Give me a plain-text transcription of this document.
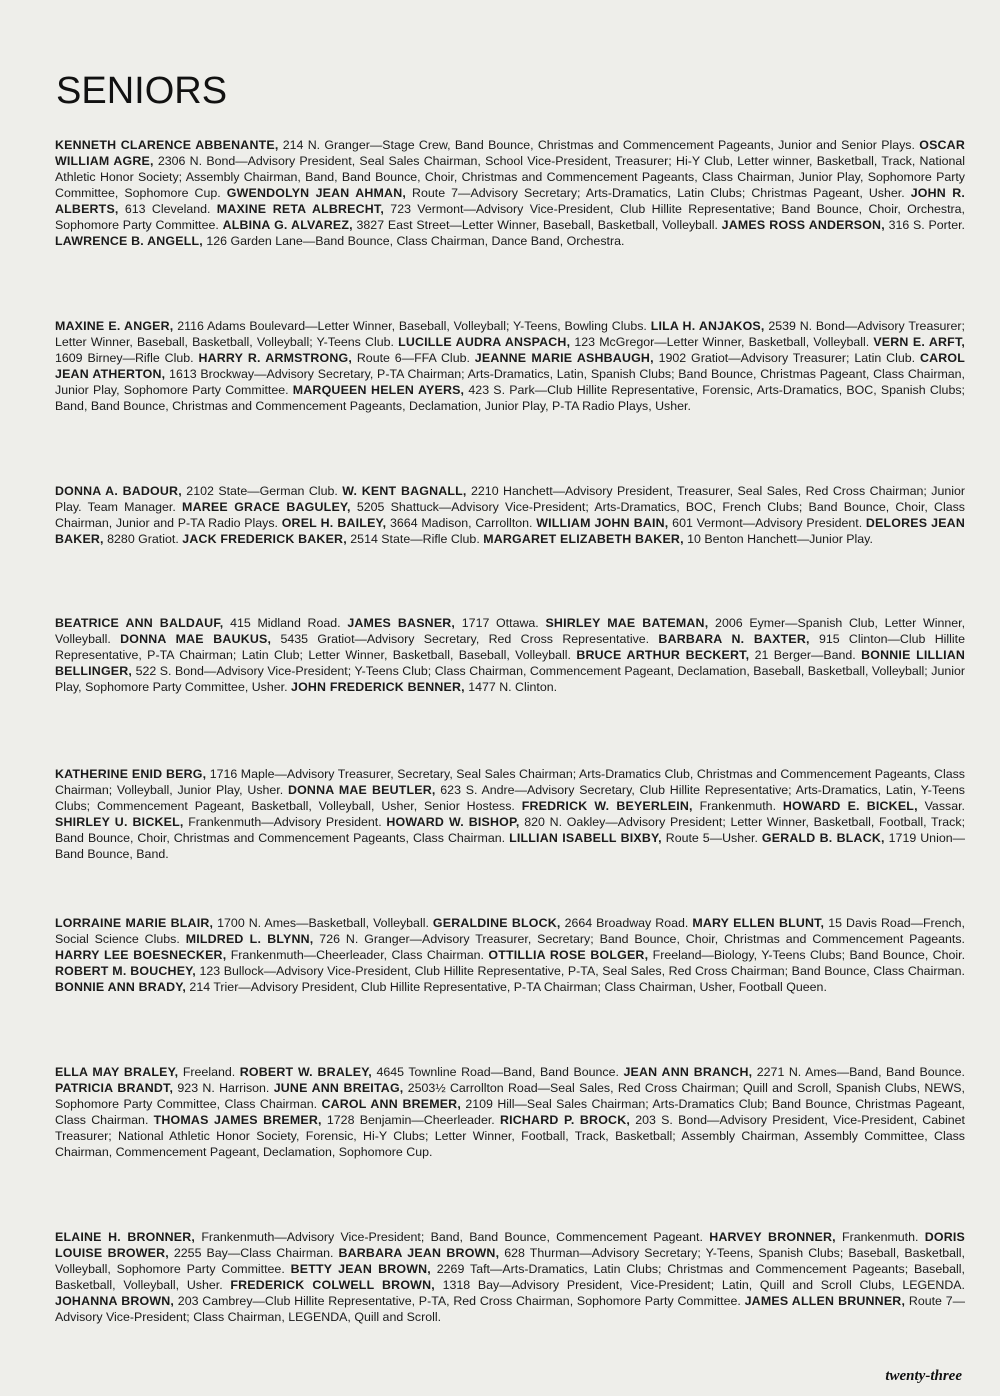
SENIORS
KENNETH CLARENCE ABBENANTE, 214 N. Granger—Stage Crew, Band Bounce, Christmas and Commencement Pageants, Junior and Senior Plays. OSCAR WILLIAM AGRE, 2306 N. Bond—Advisory President, Seal Sales Chairman, School Vice-President, Treasurer; Hi-Y Club, Letter winner, Basketball, Track, National Athletic Honor Society; Assembly Chairman, Band, Band Bounce, Choir, Christmas and Commencement Pageants, Class Chairman, Junior Play, Sophomore Party Committee, Sophomore Cup. GWENDOLYN JEAN AHMAN, Route 7—Advisory Secretary; Arts-Dramatics, Latin Clubs; Christmas Pageant, Usher. JOHN R. ALBERTS, 613 Cleveland. MAXINE RETA ALBRECHT, 723 Vermont—Advisory Vice-President, Club Hillite Representative; Band Bounce, Choir, Orchestra, Sophomore Party Committee. ALBINA G. ALVAREZ, 3827 East Street—Letter Winner, Baseball, Basketball, Volleyball. JAMES ROSS ANDERSON, 316 S. Porter. LAWRENCE B. ANGELL, 126 Garden Lane—Band Bounce, Class Chairman, Dance Band, Orchestra.
MAXINE E. ANGER, 2116 Adams Boulevard—Letter Winner, Baseball, Volleyball; Y-Teens, Bowling Clubs. LILA H. ANJAKOS, 2539 N. Bond—Advisory Treasurer; Letter Winner, Baseball, Basketball, Volleyball; Y-Teens Club. LUCILLE AUDRA ANSPACH, 123 McGregor—Letter Winner, Basketball, Volleyball. VERN E. ARFT, 1609 Birney—Rifle Club. HARRY R. ARMSTRONG, Route 6—FFA Club. JEANNE MARIE ASHBAUGH, 1902 Gratiot—Advisory Treasurer; Latin Club. CAROL JEAN ATHERTON, 1613 Brockway—Advisory Secretary, P-TA Chairman; Arts-Dramatics, Latin, Spanish Clubs; Band Bounce, Christmas Pageant, Class Chairman, Junior Play, Sophomore Party Committee. MARQUEEN HELEN AYERS, 423 S. Park—Club Hillite Representative, Forensic, Arts-Dramatics, BOC, Spanish Clubs; Band, Band Bounce, Christmas and Commencement Pageants, Declamation, Junior Play, P-TA Radio Plays, Usher.
DONNA A. BADOUR, 2102 State—German Club. W. KENT BAGNALL, 2210 Hanchett—Advisory President, Treasurer, Seal Sales, Red Cross Chairman; Junior Play. Team Manager. MAREE GRACE BAGULEY, 5205 Shattuck—Advisory Vice-President; Arts-Dramatics, BOC, French Clubs; Band Bounce, Choir, Class Chairman, Junior and P-TA Radio Plays. OREL H. BAILEY, 3664 Madison, Carrollton. WILLIAM JOHN BAIN, 601 Vermont—Advisory President. DELORES JEAN BAKER, 8280 Gratiot. JACK FREDERICK BAKER, 2514 State—Rifle Club. MARGARET ELIZABETH BAKER, 10 Benton Hanchett—Junior Play.
BEATRICE ANN BALDAUF, 415 Midland Road. JAMES BASNER, 1717 Ottawa. SHIRLEY MAE BATEMAN, 2006 Eymer—Spanish Club, Letter Winner, Volleyball. DONNA MAE BAUKUS, 5435 Gratiot—Advisory Secretary, Red Cross Representative. BARBARA N. BAXTER, 915 Clinton—Club Hillite Representative, P-TA Chairman; Latin Club; Letter Winner, Basketball, Baseball, Volleyball. BRUCE ARTHUR BECKERT, 21 Berger—Band. BONNIE LILLIAN BELLINGER, 522 S. Bond—Advisory Vice-President; Y-Teens Club; Class Chairman, Commencement Pageant, Declamation, Baseball, Basketball, Volleyball; Junior Play, Sophomore Party Committee, Usher. JOHN FREDERICK BENNER, 1477 N. Clinton.
KATHERINE ENID BERG, 1716 Maple—Advisory Treasurer, Secretary, Seal Sales Chairman; Arts-Dramatics Club, Christmas and Commencement Pageants, Class Chairman; Volleyball, Junior Play, Usher. DONNA MAE BEUTLER, 623 S. Andre—Advisory Secretary, Club Hillite Representative; Arts-Dramatics, Latin, Y-Teens Clubs; Commencement Pageant, Basketball, Volleyball, Usher, Senior Hostess. FREDRICK W. BEYERLEIN, Frankenmuth. HOWARD E. BICKEL, Vassar. SHIRLEY U. BICKEL, Frankenmuth—Advisory President. HOWARD W. BISHOP, 820 N. Oakley—Advisory President; Letter Winner, Basketball, Football, Track; Band Bounce, Choir, Christmas and Commencement Pageants, Class Chairman. LILLIAN ISABELL BIXBY, Route 5—Usher. GERALD B. BLACK, 1719 Union—Band Bounce, Band.
LORRAINE MARIE BLAIR, 1700 N. Ames—Basketball, Volleyball. GERALDINE BLOCK, 2664 Broadway Road. MARY ELLEN BLUNT, 15 Davis Road—French, Social Science Clubs. MILDRED L. BLYNN, 726 N. Granger—Advisory Treasurer, Secretary; Band Bounce, Choir, Christmas and Commencement Pageants. HARRY LEE BOESNECKER, Frankenmuth—Cheerleader, Class Chairman. OTTILLIA ROSE BOLGER, Freeland—Biology, Y-Teens Clubs; Band Bounce, Choir. ROBERT M. BOUCHEY, 123 Bullock—Advisory Vice-President, Club Hillite Representative, P-TA, Seal Sales, Red Cross Chairman; Band Bounce, Class Chairman. BONNIE ANN BRADY, 214 Trier—Advisory President, Club Hillite Representative, P-TA Chairman; Class Chairman, Usher, Football Queen.
ELLA MAY BRALEY, Freeland. ROBERT W. BRALEY, 4645 Townline Road—Band, Band Bounce. JEAN ANN BRANCH, 2271 N. Ames—Band, Band Bounce. PATRICIA BRANDT, 923 N. Harrison. JUNE ANN BREITAG, 2503½ Carrollton Road—Seal Sales, Red Cross Chairman; Quill and Scroll, Spanish Clubs, NEWS, Sophomore Party Committee, Class Chairman. CAROL ANN BREMER, 2109 Hill—Seal Sales Chairman; Arts-Dramatics Club; Band Bounce, Christmas Pageant, Class Chairman. THOMAS JAMES BREMER, 1728 Benjamin—Cheerleader. RICHARD P. BROCK, 203 S. Bond—Advisory President, Vice-President, Cabinet Treasurer; National Athletic Honor Society, Forensic, Hi-Y Clubs; Letter Winner, Football, Track, Basketball; Assembly Chairman, Assembly Committee, Class Chairman, Commencement Pageant, Declamation, Sophomore Cup.
ELAINE H. BRONNER, Frankenmuth—Advisory Vice-President; Band, Band Bounce, Commencement Pageant. HARVEY BRONNER, Frankenmuth. DORIS LOUISE BROWER, 2255 Bay—Class Chairman. BARBARA JEAN BROWN, 628 Thurman—Advisory Secretary; Y-Teens, Spanish Clubs; Baseball, Basketball, Volleyball, Sophomore Party Committee. BETTY JEAN BROWN, 2269 Taft—Arts-Dramatics, Latin Clubs; Christmas and Commencement Pageants; Baseball, Basketball, Volleyball, Usher. FREDERICK COLWELL BROWN, 1318 Bay—Advisory President, Vice-President; Latin, Quill and Scroll Clubs, LEGENDA. JOHANNA BROWN, 203 Cambrey—Club Hillite Representative, P-TA, Red Cross Chairman, Sophomore Party Committee. JAMES ALLEN BRUNNER, Route 7—Advisory Vice-President; Class Chairman, LEGENDA, Quill and Scroll.
twenty-three
